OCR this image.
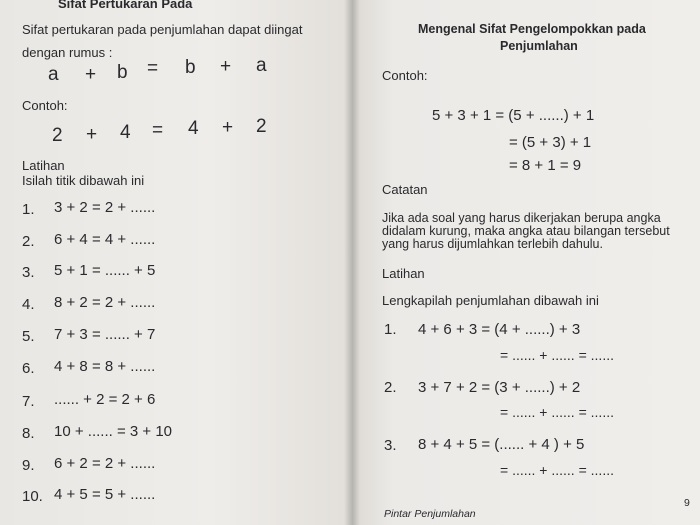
Sifat Pertukaran Pada
Sifat pertukaran pada penjumlahan dapat diingat
dengan rumus :
a + b = b + a
Contoh:
2 + 4 = 4 + 2
Latihan
Isilah titik dibawah ini
1. 3 + 2 = 2 + ......
2. 6 + 4 = 4 + ......
3. 5 + 1 = ...... + 5
4. 8 + 2 = 2 + ......
5. 7 + 3 = ...... + 7
6. 4 + 8 = 8 + ......
7. ...... + 2 = 2 + 6
8. 10 + ...... = 3 + 10
9. 6 + 2 = 2 + ......
10. 4 + 5 = 5 + ......
Mengenal Sifat Pengelompokkan pada
Penjumlahan
Contoh:
5 + 3 + 1 = (5 + ......) + 1
= (5 + 3) + 1
= 8 + 1 = 9
Catatan
Jika ada soal yang harus dikerjakan berupa angka
didalam kurung, maka angka atau bilangan tersebut
yang harus dijumlahkan terlebih dahulu.
Latihan
Lengkapilah penjumlahan dibawah ini
1. 4 + 6 + 3 = (4 + ......) + 3
= ...... + ...... = ......
2. 3 + 7 + 2 = (3 + ......) + 2
= ...... + ...... = ......
3. 8 + 4 + 5 = (...... + 4 ) + 5
= ...... + ...... = ......
Pintar Penjumlahan
9
